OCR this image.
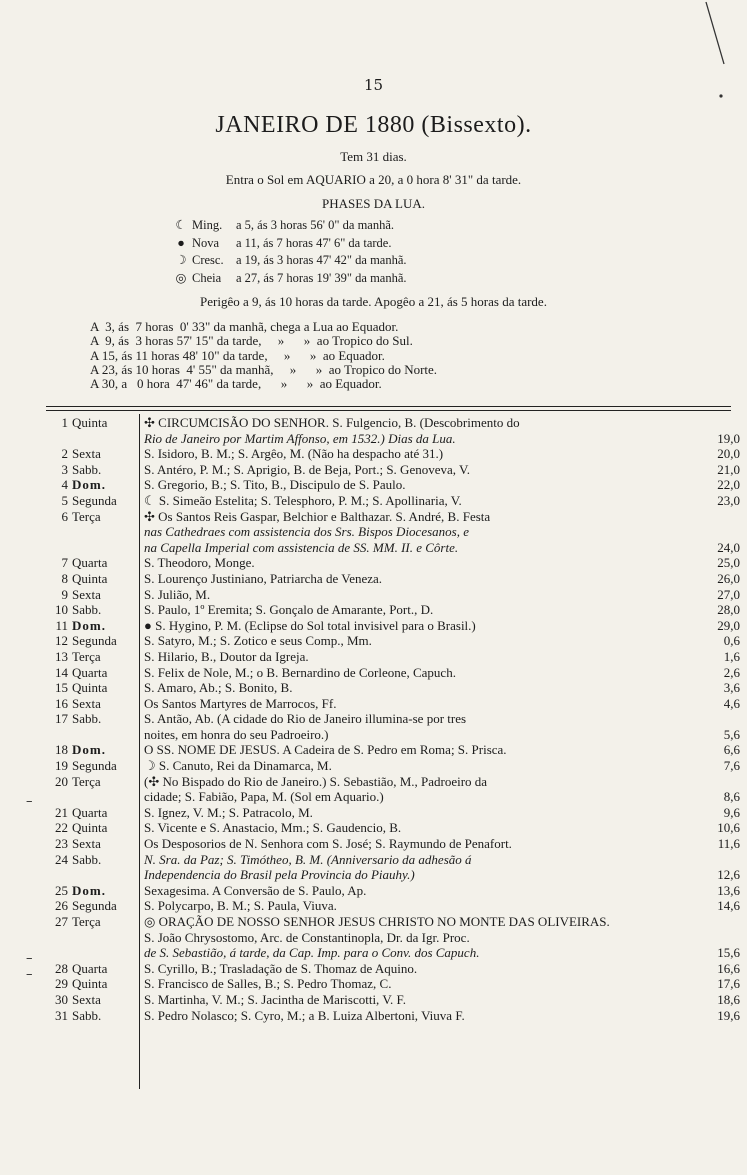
15
JANEIRO DE 1880 (Bissexto).
Tem 31 dias.
Entra o Sol em AQUARIO a 20, a 0 hora 8' 31" da tarde.
PHASES DA LUA.
☾ Ming.	a 5, ás 3 horas 56' 0" da manhã.
● Nova	a 11, ás 7 horas 47' 6" da tarde.
☽ Cresc. a 19, ás 3 horas 47' 42" da manhã.
◎ Cheia	a 27, ás 7 horas 19' 39" da manhã.
Perigêo a 9, ás 10 horas da tarde. Apogêo a 21, ás 5 horas da tarde.
A  3, ás  7 horas  0' 33" da manhã, chega a Lua ao Equador.
A  9, ás  3 horas 57' 15" da tarde,     »      »  ao Tropico do Sul.
A 15, ás 11 horas 48' 10" da tarde,     »      »  ao Equador.
A 23, ás 10 horas  4' 55" da manhã,     »      »  ao Tropico do Norte.
A 30, a   0 hora  47' 46" da tarde,      »      »  ao Equador.
1 Quinta	✣ CIRCUMCISÃO DO SENHOR. S. Fulgencio, B. (Descobrimento do
Rio de Janeiro por Martim Affonso, em 1532.) Dias da Lua.	19,0
2 Sexta	S. Isidoro, B. M.; S. Argêo, M. (Não ha despacho até 31.)	20,0
3 Sabb.	S. Antéro, P. M.; S. Aprigio, B. de Beja, Port.; S. Genoveva, V.	21,0
4 Dom.	S. Gregorio, B.; S. Tito, B., Discipulo de S. Paulo.	22,0
5 Segunda	☾ S. Simeão Estelita; S. Telesphoro, P. M.; S. Apollinaria, V.	23,0
6 Terça	✣ Os Santos Reis Gaspar, Belchior e Balthazar. S. André, B. Festa
nas Cathedraes com assistencia dos Srs. Bispos Diocesanos, e
na Capella Imperial com assistencia de SS. MM. II. e Côrte.	24,0
7 Quarta	S. Theodoro, Monge.	25,0
8 Quinta	S. Lourenço Justiniano, Patriarcha de Veneza.	26,0
9 Sexta	S. Julião, M.	27,0
10 Sabb.	S. Paulo, 1º Eremita; S. Gonçalo de Amarante, Port., D.	28,0
11 Dom.	● S. Hygino, P. M. (Eclipse do Sol total invisivel para o Brasil.)	29,0
12 Segunda	S. Satyro, M.; S. Zotico e seus Comp., Mm.	0,6
13 Terça	S. Hilario, B., Doutor da Igreja.	1,6
14 Quarta	S. Felix de Nole, M.; o B. Bernardino de Corleone, Capuch.	2,6
15 Quinta	S. Amaro, Ab.; S. Bonito, B.	3,6
16 Sexta	Os Santos Martyres de Marrocos, Ff.	4,6
17 Sabb.	S. Antão, Ab. (A cidade do Rio de Janeiro illumina-se por tres
noites, em honra do seu Padroeiro.)	5,6
18 Dom.	O SS. NOME DE JESUS. A Cadeira de S. Pedro em Roma; S. Prisca.	6,6
19 Segunda	☽ S. Canuto, Rei da Dinamarca, M.	7,6
20 Terça	(✣ No Bispado do Rio de Janeiro.) S. Sebastião, M., Padroeiro da
cidade; S. Fabião, Papa, M. (Sol em Aquario.)	8,6
21 Quarta	S. Ignez, V. M.; S. Patracolo, M.	9,6
22 Quinta	S. Vicente e S. Anastacio, Mm.; S. Gaudencio, B.	10,6
23 Sexta	Os Desposorios de N. Senhora com S. José; S. Raymundo de Penafort.	11,6
24 Sabb.	N. Sra. da Paz; S. Timótheo, B. M. (Anniversario da adhesão á
Independencia do Brasil pela Provincia do Piauhy.)	12,6
25 Dom.	Sexagesima. A Conversão de S. Paulo, Ap.	13,6
26 Segunda	S. Polycarpo, B. M.; S. Paula, Viuva.	14,6
27 Terça	◎ ORAÇÃO DE NOSSO SENHOR JESUS CHRISTO NO MONTE DAS OLIVEIRAS.
S. João Chrysostomo, Arc. de Constantinopla, Dr. da Igr. Proc.
de S. Sebastião, á tarde, da Cap. Imp. para o Conv. dos Capuch.	15,6
28 Quarta	S. Cyrillo, B.; Trasladação de S. Thomaz de Aquino.	16,6
29 Quinta	S. Francisco de Salles, B.; S. Pedro Thomaz, C.	17,6
30 Sexta	S. Martinha, V. M.; S. Jacintha de Mariscotti, V. F.	18,6
31 Sabb.	S. Pedro Nolasco; S. Cyro, M.; a B. Luiza Albertoni, Viuva F.	19,6
–
–
–
